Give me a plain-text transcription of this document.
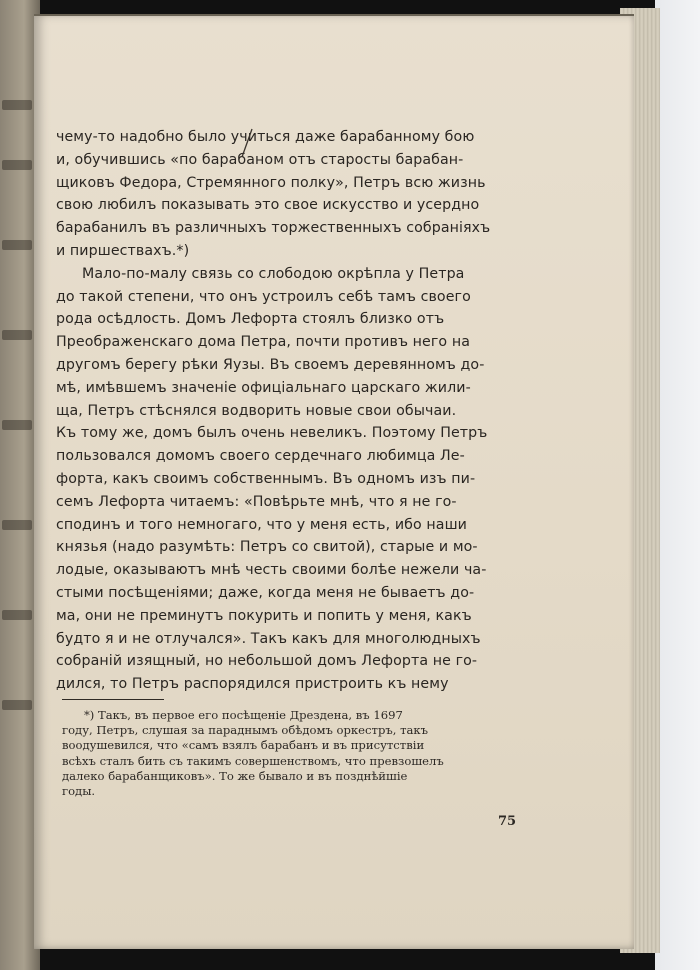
чему-то надобно было учиться даже барабанному бою
и, обучившись «по барабаном отъ старосты барабан-
щиковъ Федора, Стремянного полку», Петръ всю жизнь
свою любилъ показывать это свое искусство и усердно
барабанилъ въ различныхъ торжественныхъ собраніяхъ
и пиршествахъ.*)
Мало-по-малу связь со слободою окрѣпла у Петра
до такой степени, что онъ устроилъ себѣ тамъ своего
рода осѣдлость. Домъ Лефорта стоялъ близко отъ
Преображенскаго дома Петра, почти противъ него на
другомъ берегу рѣки Яузы. Въ своемъ деревянномъ до-
мѣ, имѣвшемъ значеніе офиціальнаго царскаго жили-
ща, Петръ стѣснялся водворить новые свои обычаи.
Къ тому же, домъ былъ очень невеликъ. Поэтому Петръ
пользовался домомъ своего сердечнаго любимца Ле-
форта, какъ своимъ собственнымъ. Въ одномъ изъ пи-
семъ Лефорта читаемъ: «Повѣрьте мнѣ, что я не го-
сподинъ и того немногаго, что у меня есть, ибо наши
князья (надо разумѣть: Петръ со свитой), старые и мо-
лодые, оказываютъ мнѣ честь своими болѣе нежели ча-
стыми посѣщеніями; даже, когда меня не бываетъ до-
ма, они не преминутъ покурить и попить у меня, какъ
будто я и не отлучался». Такъ какъ для многолюдныхъ
собраній изящный, но небольшой домъ Лефорта не го-
дился, то Петръ распорядился пристроить къ нему
*) Такъ, въ первое его посѣщеніе Дрездена, въ 1697
году, Петръ, слушая за параднымъ обѣдомъ оркестръ, такъ
воодушевился, что «самъ взялъ барабанъ и въ присутствіи
всѣхъ сталъ бить съ такимъ совершенствомъ, что превзошелъ
далеко барабанщиковъ». То же бывало и въ позднѣйшіе
годы.
75
